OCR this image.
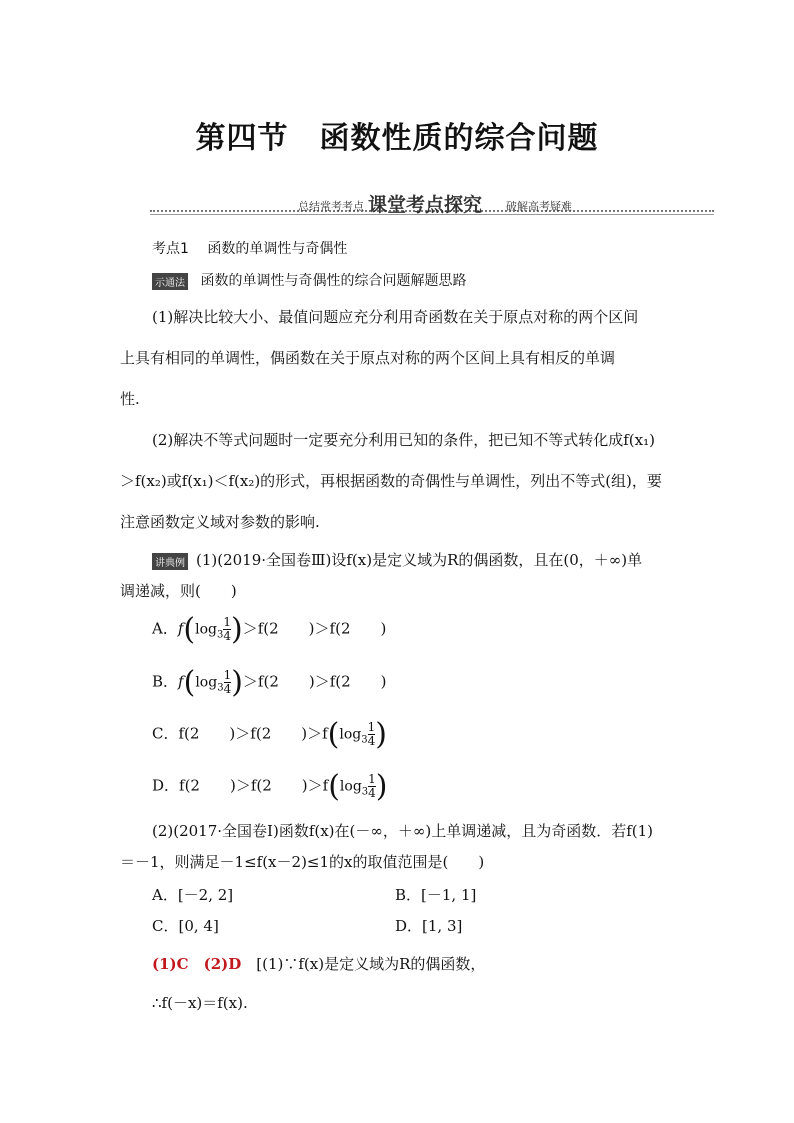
第四节　函数性质的综合问题
总结常考考点 课堂考点探究 破解高考疑难
考点1　 函数的单调性与奇偶性
示通法 函数的单调性与奇偶性的综合问题解题思路
(1)解决比较大小、最值问题应充分利用奇函数在关于原点对称的两个区间
上具有相同的单调性，偶函数在关于原点对称的两个区间上具有相反的单调
性.
(2)解决不等式问题时一定要充分利用已知的条件，把已知不等式转化成f(x₁)
＞f(x₂)或f(x₁)＜f(x₂)的形式，再根据函数的奇偶性与单调性，列出不等式(组)，要
注意函数定义域对参数的影响.
讲典例 (1)(2019·全国卷Ⅲ)设f(x)是定义域为R的偶函数，且在(0，＋∞)单
调递减，则(　　)
A．$f(\log_3 \frac{1}{4} )>f(2$　　)＞f(2　　)
B．$f(\log_3 \frac{1}{4} )>f(2$　　)＞f(2　　)
C．f(2　　)＞f(2　　)$>f(\log_3 \frac{1}{4}$ )
D．f(2　　)＞f(2　　)$>f(\log_3 \frac{1}{4}$ )
(2)(2017·全国卷Ⅰ)函数f(x)在(－∞，＋∞)上单调递减，且为奇函数．若f(1)
＝－1，则满足－1≤f(x－2)≤1的x的取值范围是(　　)
A．[－2, 2]	B．[－1, 1]
C．[0, 4]	D．[1, 3]
(1)C　 (2)D　 [(1)∵f(x)是定义域为R的偶函数，
∴f(－x)＝f(x).
